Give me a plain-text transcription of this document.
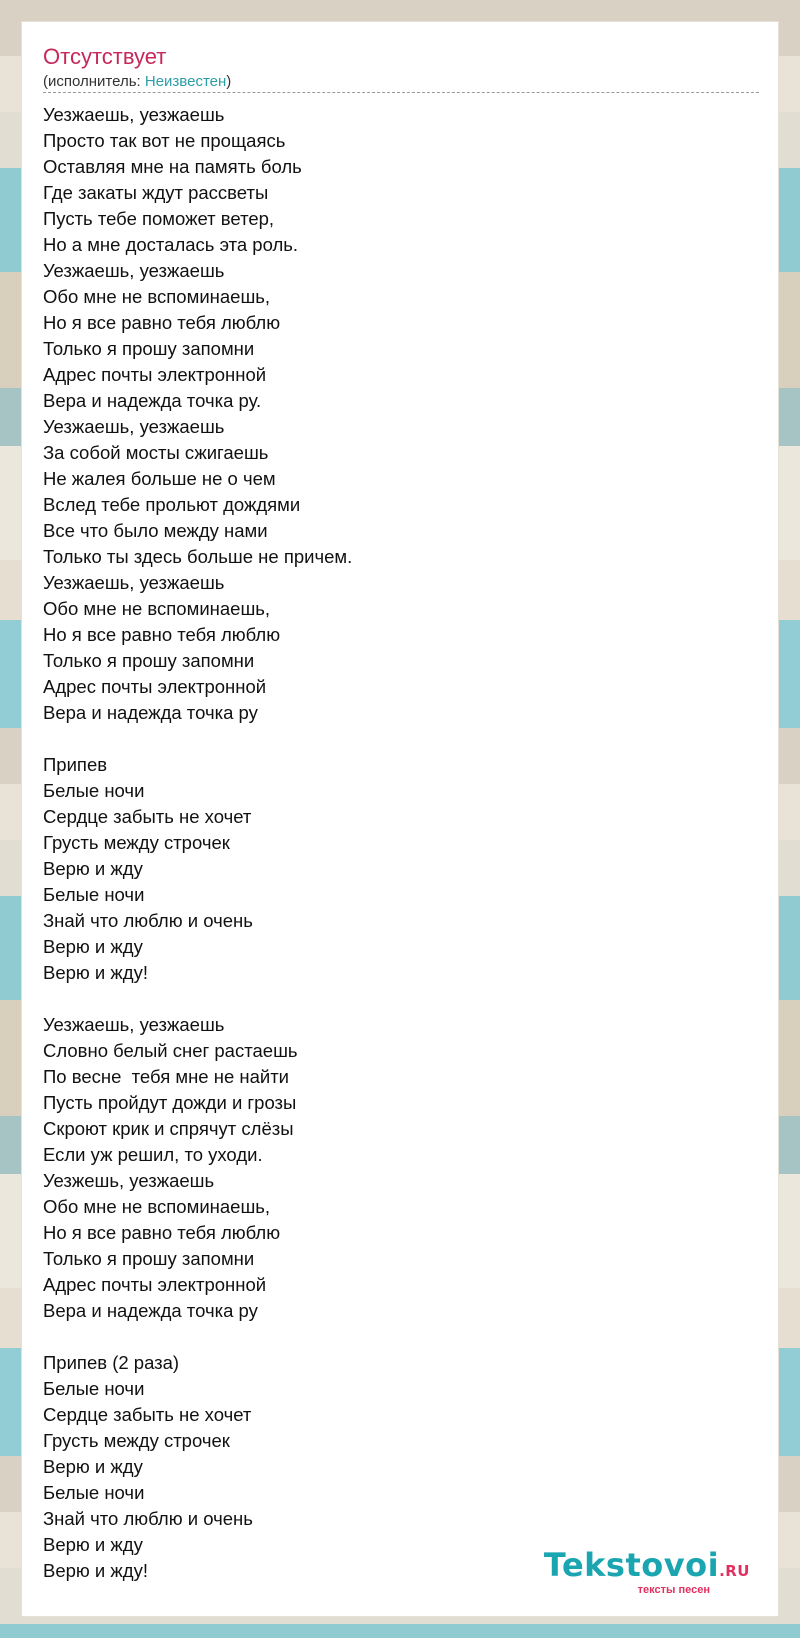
Отсутствует
(исполнитель: Неизвестен)
Уезжаешь, уезжаешь
Просто так вот не прощаясь
Оставляя мне на память боль
Где закаты ждут рассветы
Пусть тебе поможет ветер,
Но а мне досталась эта роль.
Уезжаешь, уезжаешь
Обо мне не вспоминаешь,
Но я все равно тебя люблю
Только я прошу запомни
Адрес почты электронной
Вера и надежда точка ру.
Уезжаешь, уезжаешь
За собой мосты сжигаешь
Не жалея больше не о чем
Вслед тебе прольют дождями
Все что было между нами
Только ты здесь больше не причем.
Уезжаешь, уезжаешь
Обо мне не вспоминаешь,
Но я все равно тебя люблю
Только я прошу запомни
Адрес почты электронной
Вера и надежда точка ру
Припев
Белые ночи
Сердце забыть не хочет
Грусть между строчек
Верю и жду
Белые ночи
Знай что люблю и очень
Верю и жду
Верю и жду!
Уезжаешь, уезжаешь
Словно белый снег растаешь
По весне  тебя мне не найти
Пусть пройдут дожди и грозы
Скроют крик и спрячут слёзы
Если уж решил, то уходи.
Уезжешь, уезжаешь
Обо мне не вспоминаешь,
Но я все равно тебя люблю
Только я прошу запомни
Адрес почты электронной
Вера и надежда точка ру
Припев (2 раза)
Белые ночи
Сердце забыть не хочет
Грусть между строчек
Верю и жду
Белые ночи
Знай что люблю и очень
Верю и жду
Верю и жду!	Tekstovoi.RU
тексты песен
